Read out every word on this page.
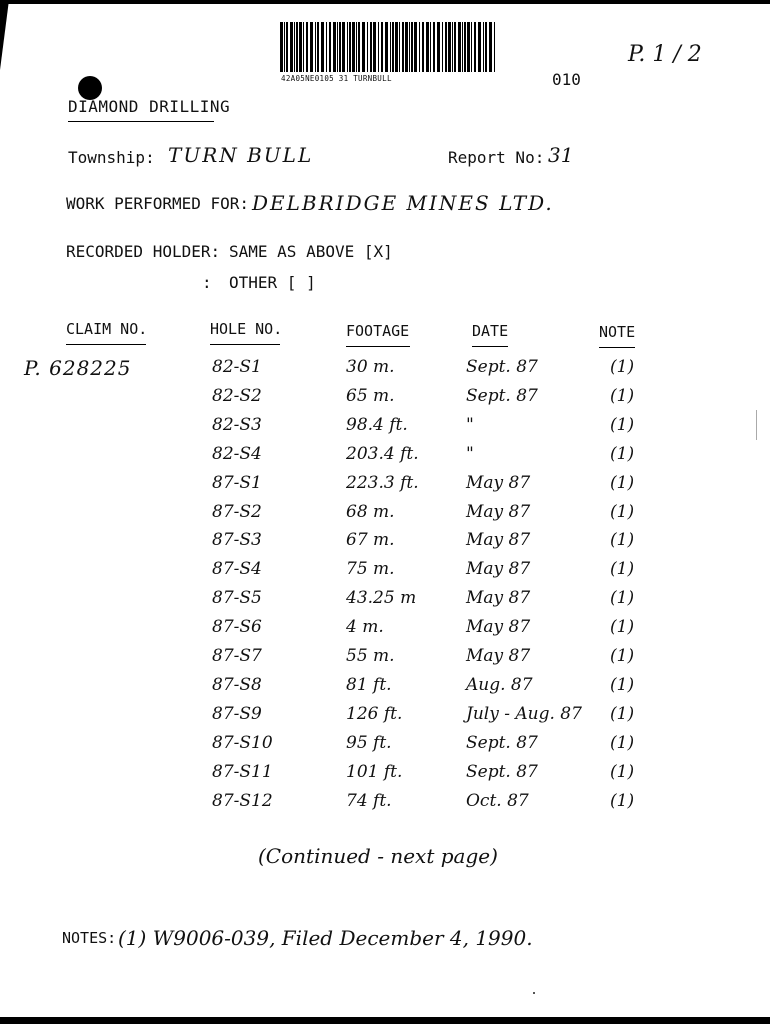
42A05NE0105 31 TURNBULL	010
P. 1 / 2
DIAMOND DRILLING
Township: TURN BULL	Report No: 31
WORK PERFORMED FOR: DELBRIDGE MINES LTD.
RECORDED HOLDER: SAME AS ABOVE [X]
: OTHER [ ]
CLAIM NO.	HOLE NO.	FOOTAGE	DATE	NOTE
P. 628225	82-S1	30 m.	Sept. 87	(1)
82-S2	65 m.	Sept. 87	(1)
82-S3	98.4 ft.	"	(1)
82-S4	203.4 ft.	"	(1)
87-S1	223.3 ft.	May 87	(1)
87-S2	68 m.	May 87	(1)
87-S3	67 m.	May 87	(1)
87-S4	75 m.	May 87	(1)
87-S5	43.25 m	May 87	(1)
87-S6	4 m.	May 87	(1)
87-S7	55 m.	May 87	(1)
87-S8	81 ft.	Aug. 87	(1)
87-S9	126 ft.	July - Aug. 87 (1)
87-S10	95 ft.	Sept. 87	(1)
87-S11	101 ft.	Sept. 87	(1)
87-S12	74 ft.	Oct. 87	(1)
(Continued - next page)
NOTES: (1) W9006-039, Filed December 4, 1990.
